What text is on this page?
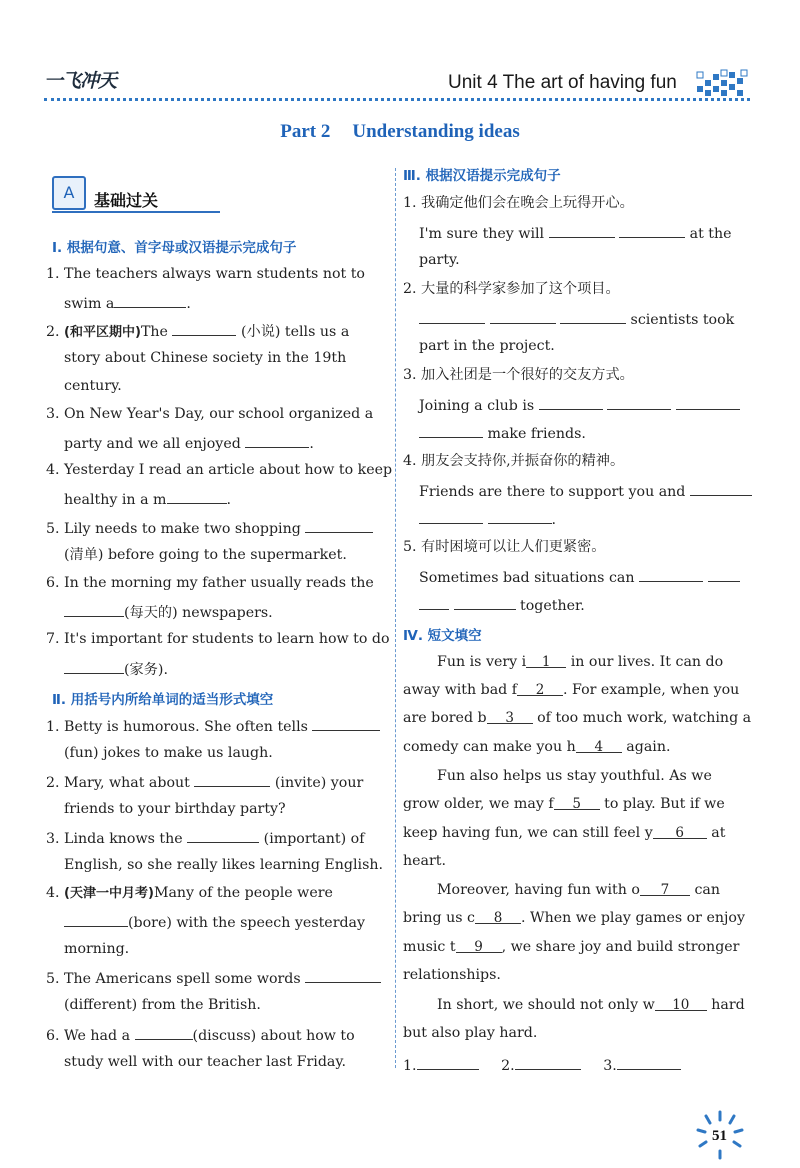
一飞冲天	Unit 4 The art of having fun
Part 2 Understanding ideas
A	基础过关
Ⅰ. 根据句意、首字母或汉语提示完成句子
1. The teachers always warn students not to
swim a	.
2. (和平区期中)The	(小说) tells us a
story about Chinese society in the 19th
century.
3. On New Year's Day, our school organized a
party and we all enjoyed	.
4. Yesterday I read an article about how to keep
healthy in a m	.
5. Lily needs to make two shopping
(清单) before going to the supermarket.
6. In the morning my father usually reads the
(每天的) newspapers.
7. It's important for students to learn how to do
(家务).
Ⅱ. 用括号内所给单词的适当形式填空
1. Betty is humorous. She often tells
(fun) jokes to make us laugh.
2. Mary, what about	(invite) your
friends to your birthday party?
3. Linda knows the	(important) of
English, so she really likes learning English.
4. (天津一中月考)Many of the people were
(bore) with the speech yesterday
morning.
5. The Americans spell some words
(different) from the British.
6. We had a	(discuss) about how to
study well with our teacher last Friday.
Ⅲ. 根据汉语提示完成句子
1. 我确定他们会在晚会上玩得开心。
I'm sure they will	at the
party.
2. 大量的科学家参加了这个项目。
scientists took
part in the project.
3. 加入社团是一个很好的交友方式。
Joining a club is
make friends.
4. 朋友会支持你,并振奋你的精神。
Friends are there to support you and
.
5. 有时困境可以让人们更紧密。
Sometimes bad situations can
together.
Ⅳ. 短文填空
Fun is very i 1 in our lives. It can do
away with bad f 2 . For example, when you
are bored b 3 of too much work, watching a
comedy can make you h 4 again.
Fun also helps us stay youthful. As we
grow older, we may f 5 to play. But if we
keep having fun, we can still feel y 6 at
heart.
Moreover, having fun with o 7 can
bring us c 8 . When we play games or enjoy
music t 9 , we share joy and build stronger
relationships.
In short, we should not only w 10 hard
but also play hard.
1.	2.	3.
51
